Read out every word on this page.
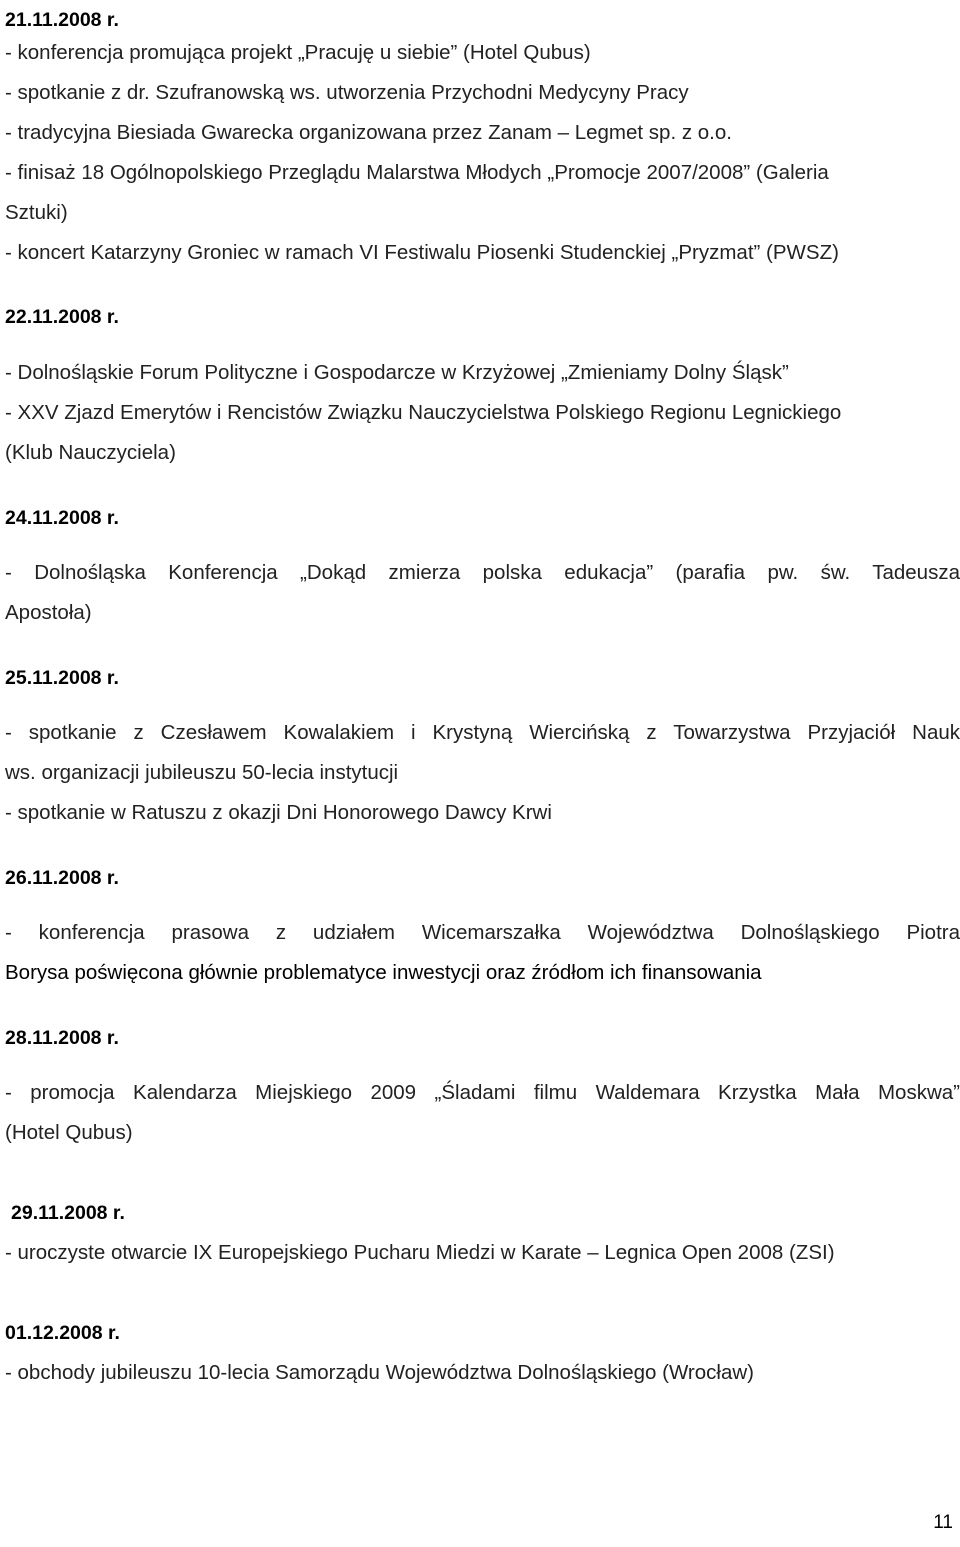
21.11.2008 r.
- konferencja promująca projekt „Pracuję u siebie” (Hotel Qubus)
- spotkanie z dr. Szufranowską ws. utworzenia Przychodni Medycyny Pracy
- tradycyjna Biesiada Gwarecka organizowana przez Zanam – Legmet sp. z o.o.
- finisaż 18 Ogólnopolskiego Przeglądu Malarstwa Młodych „Promocje 2007/2008” (Galeria
Sztuki)
- koncert Katarzyny Groniec w ramach VI Festiwalu Piosenki Studenckiej „Pryzmat” (PWSZ)
22.11.2008 r.
- Dolnośląskie Forum Polityczne i Gospodarcze w Krzyżowej „Zmieniamy Dolny Śląsk”
- XXV Zjazd Emerytów i Rencistów Związku Nauczycielstwa Polskiego Regionu Legnickiego
(Klub Nauczyciela)
24.11.2008 r.
- Dolnośląska Konferencja „Dokąd zmierza polska edukacja” (parafia pw. św. Tadeusza
Apostoła)
25.11.2008 r.
- spotkanie z Czesławem Kowalakiem i Krystyną Wiercińską z Towarzystwa Przyjaciół Nauk
ws. organizacji jubileuszu 50-lecia instytucji
- spotkanie w Ratuszu z okazji Dni Honorowego Dawcy Krwi
26.11.2008 r.
- konferencja prasowa z udziałem Wicemarszałka Województwa Dolnośląskiego Piotra
Borysa poświęcona głównie problematyce inwestycji oraz źródłom ich finansowania
28.11.2008 r.
- promocja Kalendarza Miejskiego 2009 „Śladami filmu Waldemara Krzystka Mała Moskwa”
(Hotel Qubus)
29.11.2008 r.
- uroczyste otwarcie IX Europejskiego Pucharu Miedzi w Karate – Legnica Open 2008 (ZSI)
01.12.2008 r.
- obchody jubileuszu 10-lecia Samorządu Województwa Dolnośląskiego (Wrocław)
11
